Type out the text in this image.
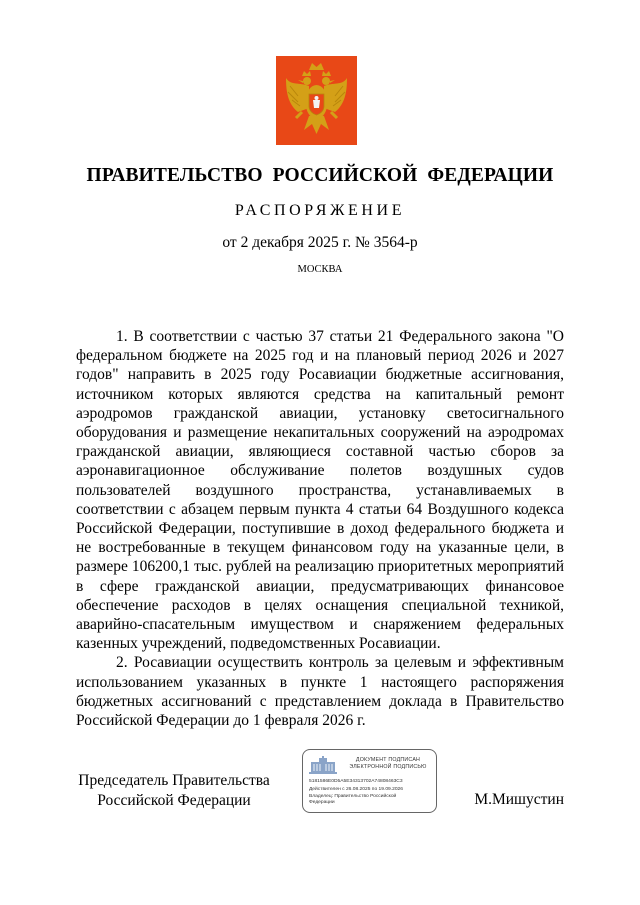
ПРАВИТЕЛЬСТВО РОССИЙСКОЙ ФЕДЕРАЦИИ
РАСПОРЯЖЕНИЕ
от 2 декабря 2025 г. № 3564-р
МОСКВА

1. В соответствии с частью 37 статьи 21 Федерального закона "О федеральном бюджете на 2025 год и на плановый период 2026 и 2027 годов" направить в 2025 году Росавиации бюджетные ассигнования, источником которых являются средства на капитальный ремонт аэродромов гражданской авиации, установку светосигнального оборудования и размещение некапитальных сооружений на аэродромах гражданской авиации, являющиеся составной частью сборов за аэронавигационное обслуживание полетов воздушных судов пользователей воздушного пространства, устанавливаемых в соответствии с абзацем первым пункта 4 статьи 64 Воздушного кодекса Российской Федерации, поступившие в доход федерального бюджета и не востребованные в текущем финансовом году на указанные цели, в размере 106200,1 тыс. рублей на реализацию приоритетных мероприятий в сфере гражданской авиации, предусматривающих финансовое обеспечение расходов в целях оснащения специальной техникой, аварийно-спасательным имуществом и снаряжением федеральных казенных учреждений, подведомственных Росавиации.

2. Росавиации осуществить контроль за целевым и эффективным использованием указанных в пункте 1 настоящего распоряжения бюджетных ассигнований с представлением доклада в Правительство Российской Федерации до 1 февраля 2026 г.

Председатель Правительства
Российской Федерации
ДОКУМЕНТ ПОДПИСАН
ЭЛЕКТРОННОЙ ПОДПИСЬЮ
5181586E0D5A5E34313702A74808463C3
Действителен с 26.08.2025 по 19.09.2026
Владелец: Правительство Российской
Федерации	М.Мишустин
